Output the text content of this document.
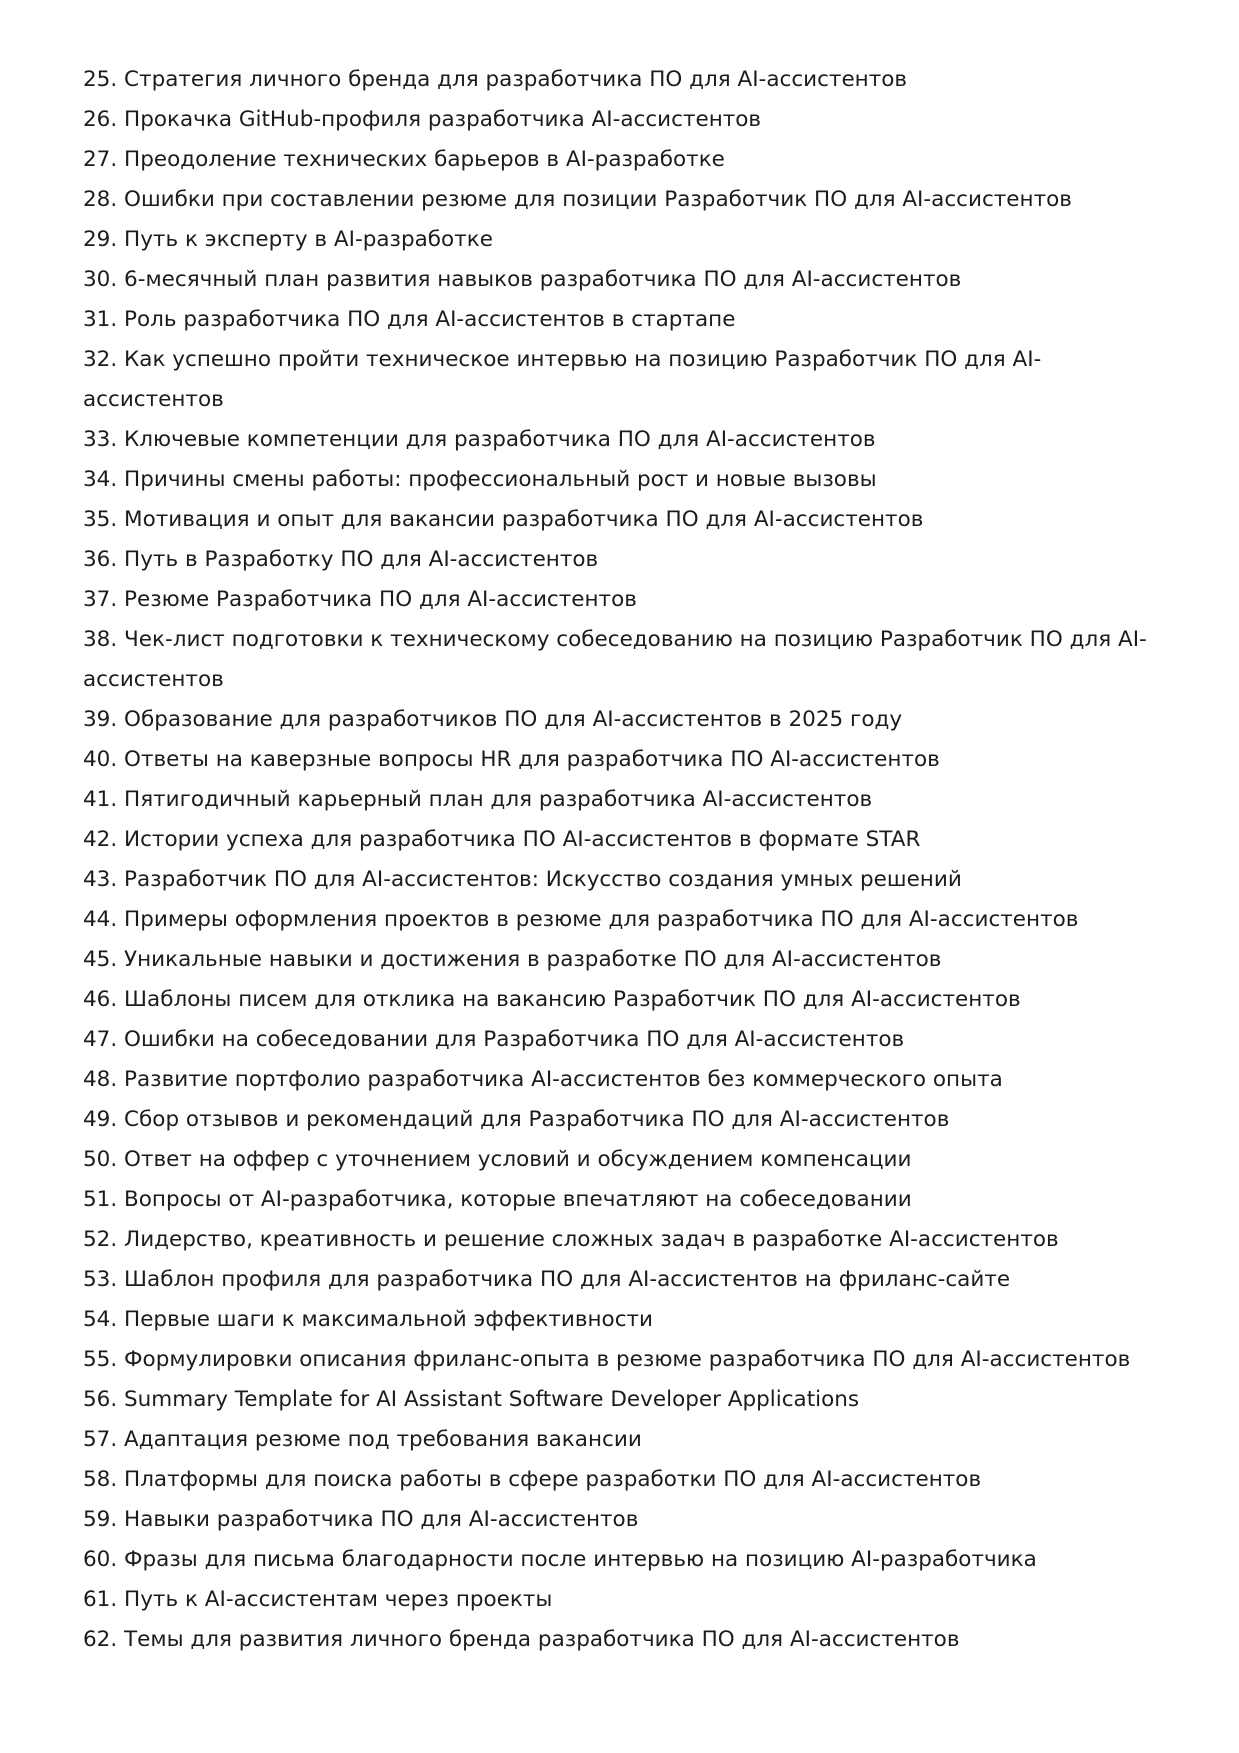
25. Стратегия личного бренда для разработчика ПО для AI-ассистентов
26. Прокачка GitHub-профиля разработчика AI-ассистентов
27. Преодоление технических барьеров в AI-разработке
28. Ошибки при составлении резюме для позиции Разработчик ПО для AI-ассистентов
29. Путь к эксперту в AI-разработке
30. 6-месячный план развития навыков разработчика ПО для AI-ассистентов
31. Роль разработчика ПО для AI-ассистентов в стартапе
32. Как успешно пройти техническое интервью на позицию Разработчик ПО для AI-ассистентов
33. Ключевые компетенции для разработчика ПО для AI-ассистентов
34. Причины смены работы: профессиональный рост и новые вызовы
35. Мотивация и опыт для вакансии разработчика ПО для AI-ассистентов
36. Путь в Разработку ПО для AI-ассистентов
37. Резюме Разработчика ПО для AI-ассистентов
38. Чек-лист подготовки к техническому собеседованию на позицию Разработчик ПО для AI-ассистентов
39. Образование для разработчиков ПО для AI-ассистентов в 2025 году
40. Ответы на каверзные вопросы HR для разработчика ПО AI-ассистентов
41. Пятигодичный карьерный план для разработчика AI-ассистентов
42. Истории успеха для разработчика ПО AI-ассистентов в формате STAR
43. Разработчик ПО для AI-ассистентов: Искусство создания умных решений
44. Примеры оформления проектов в резюме для разработчика ПО для AI-ассистентов
45. Уникальные навыки и достижения в разработке ПО для AI-ассистентов
46. Шаблоны писем для отклика на вакансию Разработчик ПО для AI-ассистентов
47. Ошибки на собеседовании для Разработчика ПО для AI-ассистентов
48. Развитие портфолио разработчика AI-ассистентов без коммерческого опыта
49. Сбор отзывов и рекомендаций для Разработчика ПО для AI-ассистентов
50. Ответ на оффер с уточнением условий и обсуждением компенсации
51. Вопросы от AI-разработчика, которые впечатляют на собеседовании
52. Лидерство, креативность и решение сложных задач в разработке AI-ассистентов
53. Шаблон профиля для разработчика ПО для AI-ассистентов на фриланс-сайте
54. Первые шаги к максимальной эффективности
55. Формулировки описания фриланс-опыта в резюме разработчика ПО для AI-ассистентов
56. Summary Template for AI Assistant Software Developer Applications
57. Адаптация резюме под требования вакансии
58. Платформы для поиска работы в сфере разработки ПО для AI-ассистентов
59. Навыки разработчика ПО для AI-ассистентов
60. Фразы для письма благодарности после интервью на позицию AI-разработчика
61. Путь к AI-ассистентам через проекты
62. Темы для развития личного бренда разработчика ПО для AI-ассистентов
